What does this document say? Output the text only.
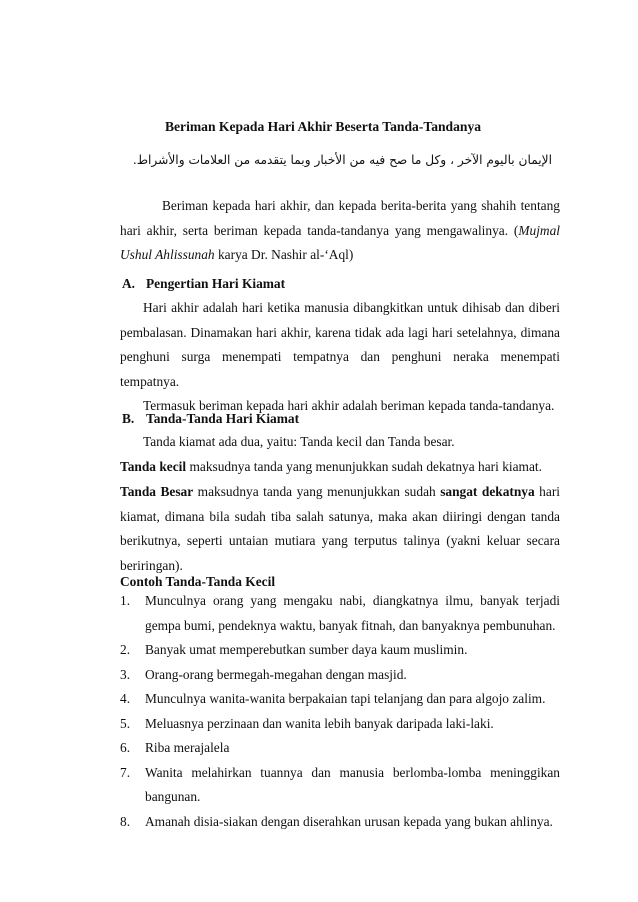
Beriman Kepada Hari Akhir Beserta Tanda-Tandanya
الإيمان باليوم الآخر ، وكل ما صح فيه من الأخبار وبما يتقدمه من العلامات والأشراط.
Beriman kepada hari akhir, dan kepada berita-berita yang shahih tentang hari akhir, serta beriman kepada tanda-tandanya yang mengawalinya. (Mujmal Ushul Ahlissunah karya Dr. Nashir al-‘Aql)
A. Pengertian Hari Kiamat
Hari akhir adalah hari ketika manusia dibangkitkan untuk dihisab dan diberi pembalasan. Dinamakan hari akhir, karena tidak ada lagi hari setelahnya, dimana penghuni surga menempati tempatnya dan penghuni neraka menempati tempatnya.
Termasuk beriman kepada hari akhir adalah beriman kepada tanda-tandanya.
B. Tanda-Tanda Hari Kiamat
Tanda kiamat ada dua, yaitu: Tanda kecil dan Tanda besar.
Tanda kecil maksudnya tanda yang menunjukkan sudah dekatnya hari kiamat.
Tanda Besar maksudnya tanda yang menunjukkan sudah sangat dekatnya hari kiamat, dimana bila sudah tiba salah satunya, maka akan diiringi dengan tanda berikutnya, seperti untaian mutiara yang terputus talinya (yakni keluar secara beriringan).
Contoh Tanda-Tanda Kecil
1.	Munculnya orang yang mengaku nabi, diangkatnya ilmu, banyak terjadi gempa bumi, pendeknya waktu, banyak fitnah, dan banyaknya pembunuhan.
2.	Banyak umat memperebutkan sumber daya kaum muslimin.
3.	Orang-orang bermegah-megahan dengan masjid.
4.	Munculnya wanita-wanita berpakaian tapi telanjang dan para algojo zalim.
5.	Meluasnya perzinaan dan wanita lebih banyak daripada laki-laki.
6.	Riba merajalela
7.	Wanita melahirkan tuannya dan manusia berlomba-lomba meninggikan bangunan.
8.	Amanah disia-siakan dengan diserahkan urusan kepada yang bukan ahlinya.
